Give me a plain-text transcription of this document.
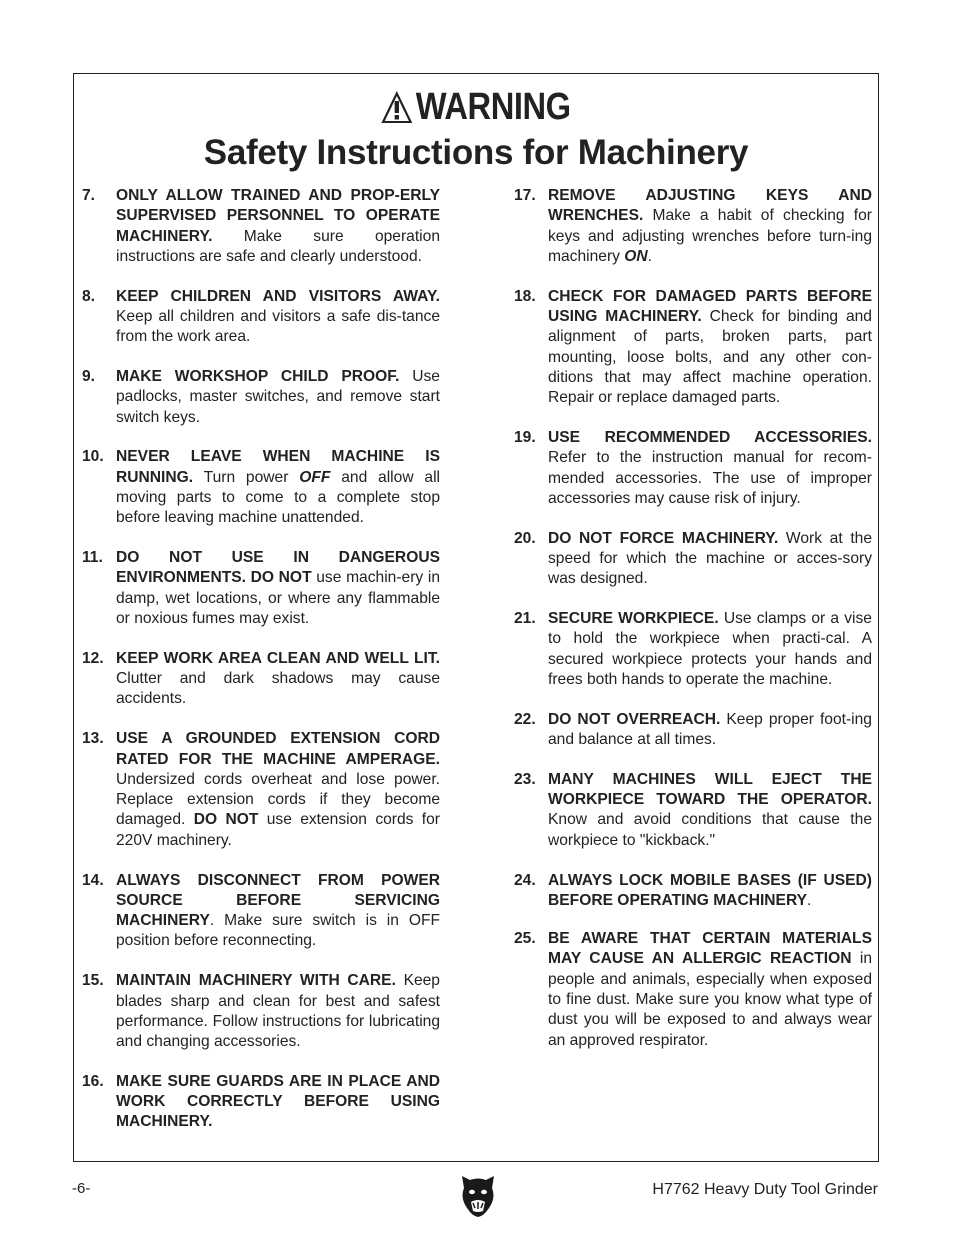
WARNING
Safety Instructions for Machinery
7.	ONLY ALLOW TRAINED AND PROP-ERLY SUPERVISED PERSONNEL TO OPERATE MACHINERY. Make sure operation instructions are safe and clearly understood.
8.	KEEP CHILDREN AND VISITORS AWAY. Keep all children and visitors a safe dis-tance from the work area.
9.	MAKE WORKSHOP CHILD PROOF. Use padlocks, master switches, and remove start switch keys.
10. NEVER LEAVE WHEN MACHINE IS RUNNING. Turn power OFF and allow all moving parts to come to a complete stop before leaving machine unattended.
11. DO NOT USE IN DANGEROUS ENVIRONMENTS. DO NOT use machin-ery in damp, wet locations, or where any flammable or noxious fumes may exist.
12. KEEP WORK AREA CLEAN AND WELL LIT. Clutter and dark shadows may cause accidents.
13. USE A GROUNDED EXTENSION CORD RATED FOR THE MACHINE AMPERAGE. Undersized cords overheat and lose power. Replace extension cords if they become damaged. DO NOT use extension cords for 220V machinery.
14. ALWAYS DISCONNECT FROM POWER SOURCE BEFORE SERVICING MACHINERY. Make sure switch is in OFF position before reconnecting.
15. MAINTAIN MACHINERY WITH CARE. Keep blades sharp and clean for best and safest performance. Follow instructions for lubricating and changing accessories.
16. MAKE SURE GUARDS ARE IN PLACE AND WORK CORRECTLY BEFORE USING MACHINERY.
17. REMOVE ADJUSTING KEYS AND WRENCHES. Make a habit of checking for keys and adjusting wrenches before turn-ing machinery ON.
18. CHECK FOR DAMAGED PARTS BEFORE USING MACHINERY. Check for binding and alignment of parts, broken parts, part mounting, loose bolts, and any other con-ditions that may affect machine operation. Repair or replace damaged parts.
19. USE RECOMMENDED ACCESSORIES. Refer to the instruction manual for recom-mended accessories. The use of improper accessories may cause risk of injury.
20. DO NOT FORCE MACHINERY. Work at the speed for which the machine or acces-sory was designed.
21. SECURE WORKPIECE. Use clamps or a vise to hold the workpiece when practi-cal. A secured workpiece protects your hands and frees both hands to operate the machine.
22. DO NOT OVERREACH. Keep proper foot-ing and balance at all times.
23. MANY MACHINES WILL EJECT THE WORKPIECE TOWARD THE OPERATOR. Know and avoid conditions that cause the workpiece to "kickback."
24. ALWAYS LOCK MOBILE BASES (IF USED) BEFORE OPERATING MACHINERY.
25. BE AWARE THAT CERTAIN MATERIALS MAY CAUSE AN ALLERGIC REACTION in people and animals, especially when exposed to fine dust. Make sure you know what type of dust you will be exposed to and always wear an approved respirator.
-6-	H7762 Heavy Duty Tool Grinder
